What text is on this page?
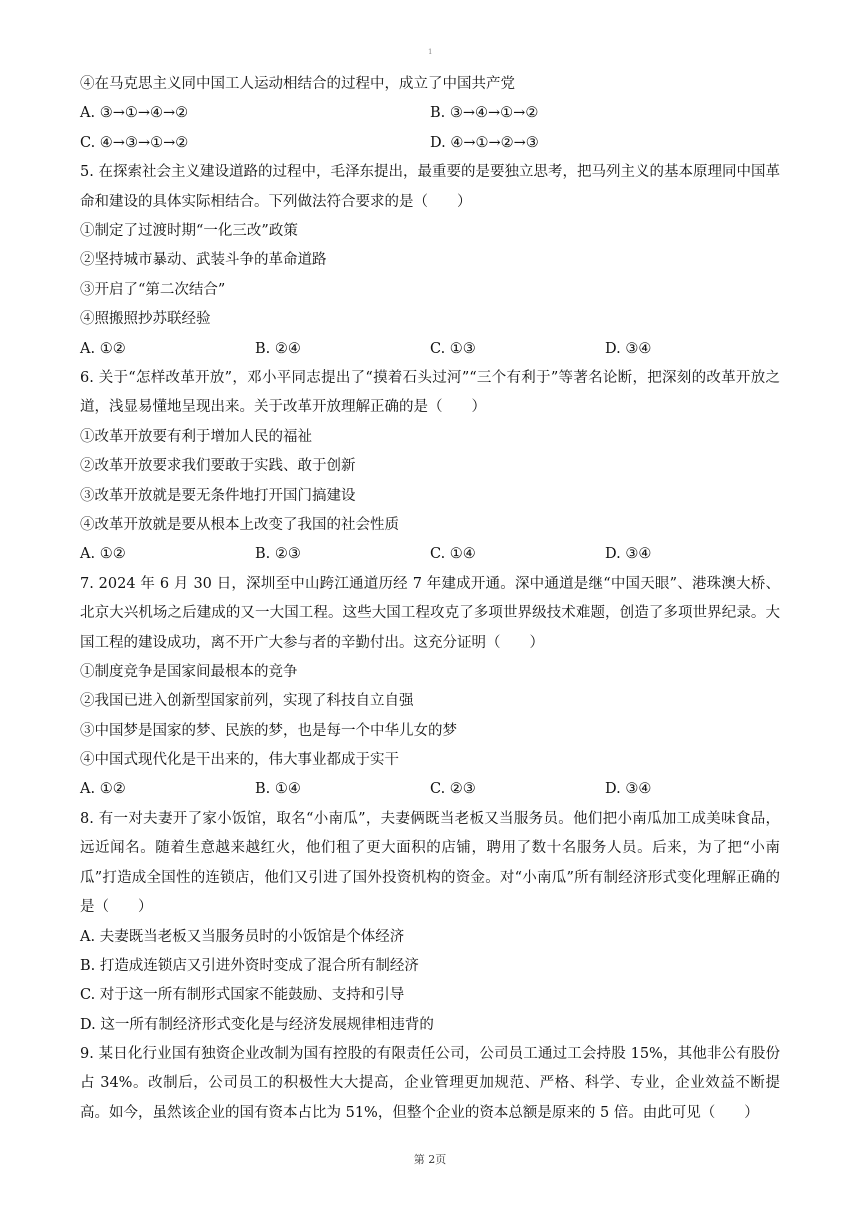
1
④在马克思主义同中国工人运动相结合的过程中，成立了中国共产党
A. ③→①→④→②	B. ③→④→①→②
C. ④→③→①→②	D. ④→①→②→③
5. 在探索社会主义建设道路的过程中，毛泽东提出，最重要的是要独立思考，把马列主义的基本原理同中国革命和建设的具体实际相结合。下列做法符合要求的是（　　）
①制定了过渡时期“一化三改”政策
②坚持城市暴动、武装斗争的革命道路
③开启了“第二次结合”
④照搬照抄苏联经验
A. ①②	B. ②④	C. ①③	D. ③④
6. 关于“怎样改革开放”，邓小平同志提出了“摸着石头过河”“三个有利于”等著名论断，把深刻的改革开放之道，浅显易懂地呈现出来。关于改革开放理解正确的是（　　）
①改革开放要有利于增加人民的福祉
②改革开放要求我们要敢于实践、敢于创新
③改革开放就是要无条件地打开国门搞建设
④改革开放就是要从根本上改变了我国的社会性质
A. ①②	B. ②③	C. ①④	D. ③④
7. 2024 年 6 月 30 日，深圳至中山跨江通道历经 7 年建成开通。深中通道是继“中国天眼”、港珠澳大桥、北京大兴机场之后建成的又一大国工程。这些大国工程攻克了多项世界级技术难题，创造了多项世界纪录。大国工程的建设成功，离不开广大参与者的辛勤付出。这充分证明（　　）
①制度竞争是国家间最根本的竞争
②我国已进入创新型国家前列，实现了科技自立自强
③中国梦是国家的梦、民族的梦，也是每一个中华儿女的梦
④中国式现代化是干出来的，伟大事业都成于实干
A. ①②	B. ①④	C. ②③	D. ③④
8. 有一对夫妻开了家小饭馆，取名“小南瓜”，夫妻俩既当老板又当服务员。他们把小南瓜加工成美味食品，远近闻名。随着生意越来越红火，他们租了更大面积的店铺，聘用了数十名服务人员。后来，为了把“小南瓜”打造成全国性的连锁店，他们又引进了国外投资机构的资金。对“小南瓜”所有制经济形式变化理解正确的是（　　）
A. 夫妻既当老板又当服务员时的小饭馆是个体经济
B. 打造成连锁店又引进外资时变成了混合所有制经济
C. 对于这一所有制形式国家不能鼓励、支持和引导
D. 这一所有制经济形式变化是与经济发展规律相违背的
9. 某日化行业国有独资企业改制为国有控股的有限责任公司，公司员工通过工会持股 15%，其他非公有股份占 34%。改制后，公司员工的积极性大大提高，企业管理更加规范、严格、科学、专业，企业效益不断提高。如今，虽然该企业的国有资本占比为 51%，但整个企业的资本总额是原来的 5 倍。由此可见（　　）
第 2页
